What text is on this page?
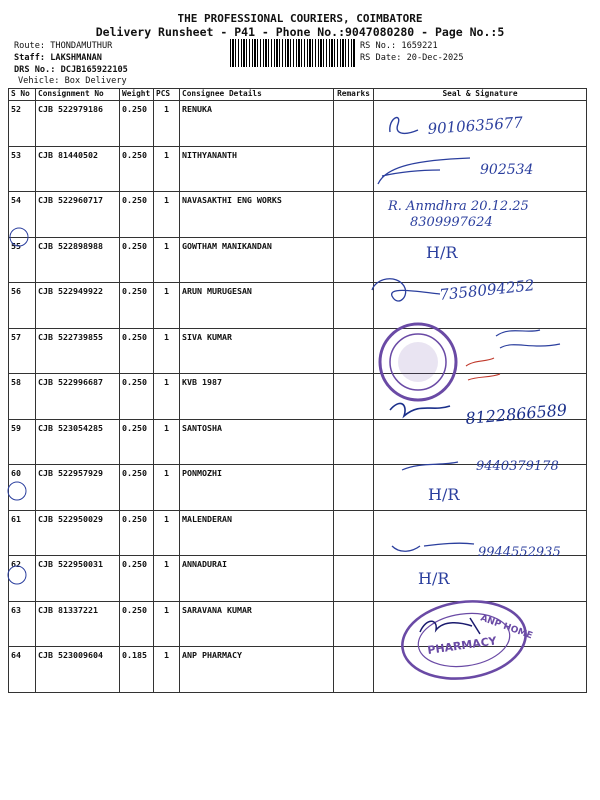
THE PROFESSIONAL COURIERS, COIMBATORE
Delivery Runsheet - P41 - Phone No.:9047080280 - Page No.:5
Route: THONDAMUTHUR
Staff: LAKSHMANAN
DRS No.: DCJB165922105
Vehicle: Box Delivery
RS No.: 1659221
RS Date: 20-Dec-2025
S No	Consignment No	Weight	PCS	Consignee Details	Remarks	Seal & Signature
52	CJB 522979186	0.250	1	RENUKA		
53	CJB 81440502	0.250	1	NITHYANANTH		
54	CJB 522960717	0.250	1	NAVASAKTHI ENG WORKS		
55	CJB 522898988	0.250	1	GOWTHAM MANIKANDAN		
56	CJB 522949922	0.250	1	ARUN MURUGESAN		
57	CJB 522739855	0.250	1	SIVA KUMAR		
58	CJB 522996687	0.250	1	KVB 1987		
59	CJB 523054285	0.250	1	SANTOSHA		
60	CJB 522957929	0.250	1	PONMOZHI		
61	CJB 522950029	0.250	1	MALENDERAN		
62	CJB 522950031	0.250	1	ANNADURAI		
63	CJB 81337221	0.250	1	SARAVANA KUMAR		
64	CJB 523009604	0.185	1	ANP PHARMACY		
9010635677
902534
R. Anmdhra 20.12.25
8309997624
H/R
7358094252
8122866589
9440379178
H/R
9944552935
H/R
PHARMACY
ANP HOME
